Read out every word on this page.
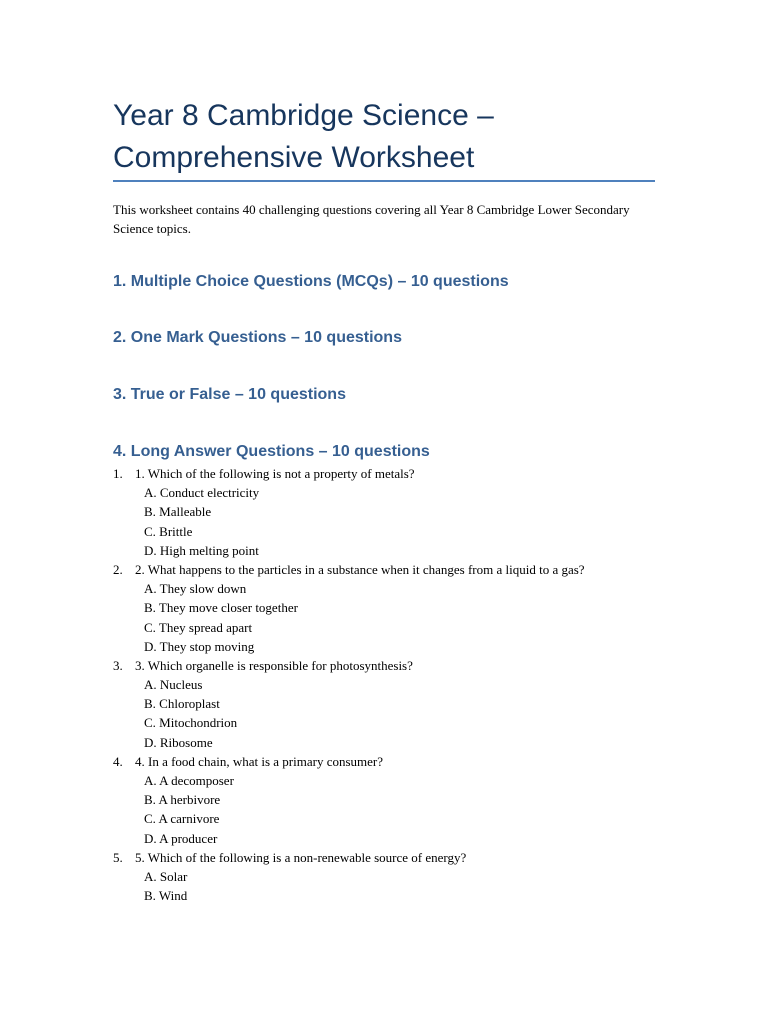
Year 8 Cambridge Science – Comprehensive Worksheet

This worksheet contains 40 challenging questions covering all Year 8 Cambridge Lower Secondary Science topics.

1. Multiple Choice Questions (MCQs) – 10 questions
2. One Mark Questions – 10 questions
3. True or False – 10 questions
4. Long Answer Questions – 10 questions
1. 1. Which of the following is not a property of metals?
A. Conduct electricity
B. Malleable
C. Brittle
D. High melting point
2. 2. What happens to the particles in a substance when it changes from a liquid to a gas?
A. They slow down
B. They move closer together
C. They spread apart
D. They stop moving
3. 3. Which organelle is responsible for photosynthesis?
A. Nucleus
B. Chloroplast
C. Mitochondrion
D. Ribosome
4. 4. In a food chain, what is a primary consumer?
A. A decomposer
B. A herbivore
C. A carnivore
D. A producer
5. 5. Which of the following is a non-renewable source of energy?
A. Solar
B. Wind
